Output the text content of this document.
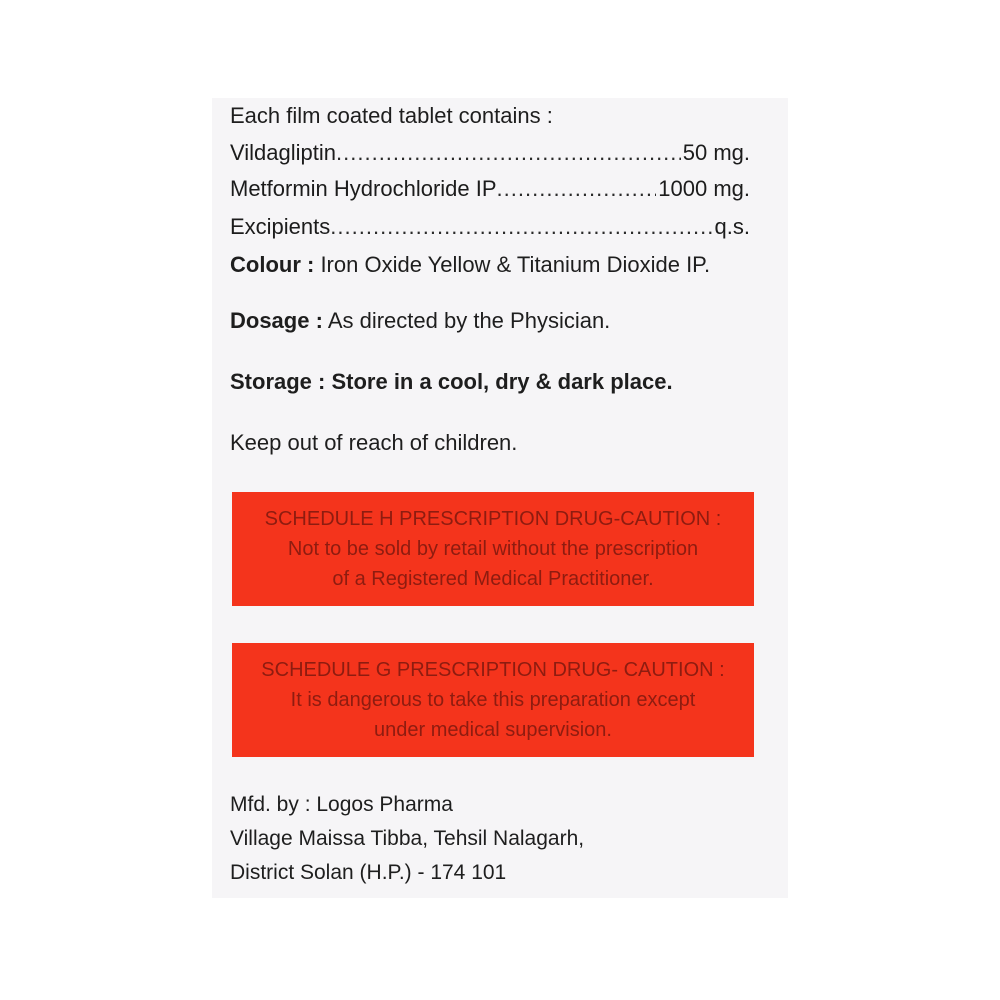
Each film coated tablet contains :
Vildagliptin .....	50 mg.
Metformin Hydrochloride IP .....	1000 mg.
Excipients .....	q.s.
Colour : Iron Oxide Yellow & Titanium Dioxide IP.
Dosage : As directed by the Physician.
Storage : Store in a cool, dry & dark place.
Keep out of reach of children.
SCHEDULE H PRESCRIPTION DRUG-CAUTION :
Not to be sold by retail without the prescription
of a Registered Medical Practitioner.
SCHEDULE G PRESCRIPTION DRUG- CAUTION :
It is dangerous to take this preparation except
under medical supervision.
Mfd. by : Logos Pharma
Village Maissa Tibba, Tehsil Nalagarh,
District Solan (H.P.) - 174 101
